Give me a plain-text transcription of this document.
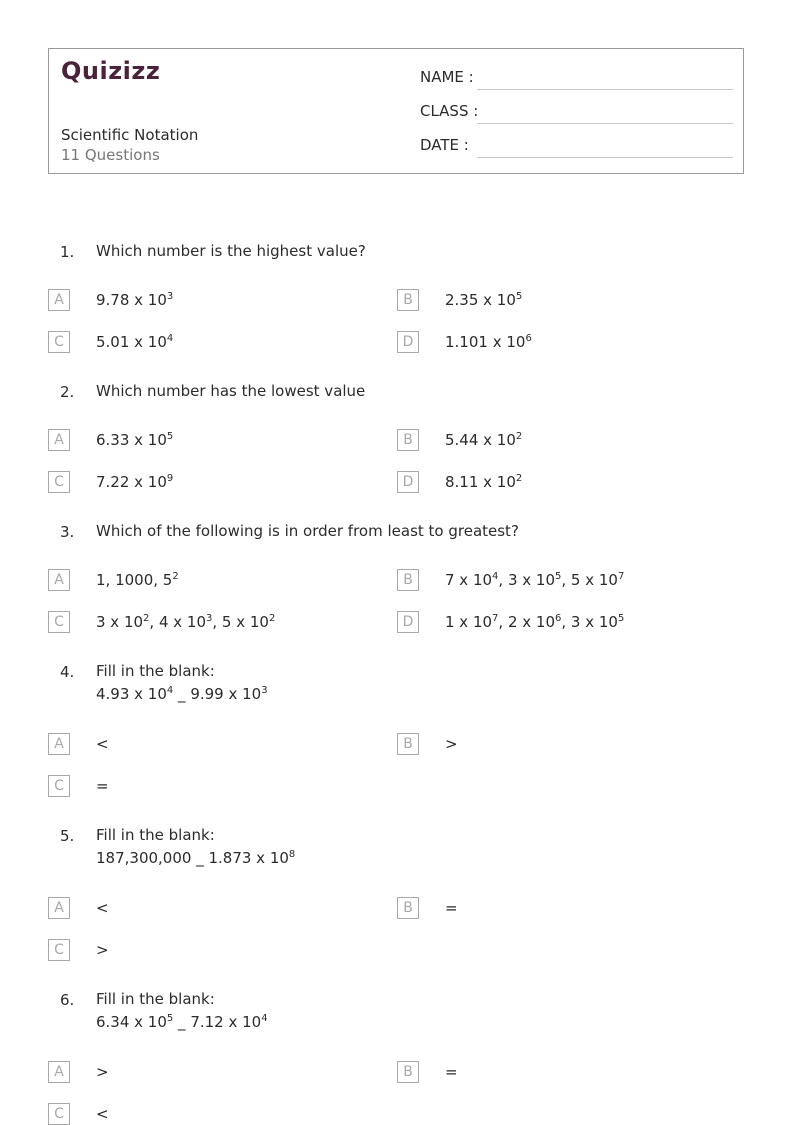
Quizizz
Scientific Notation
11 Questions
NAME :
CLASS :
DATE :
1. Which number is the highest value?
A	9.78 x $10^3$	B	2.35 x $10^5$
C	5.01 x $10^4$	D	1.101 x $10^6$
2. Which number has the lowest value
A	6.33 x $10^5$	B	5.44 x $10^2$
C	7.22 x $10^9$	D	8.11 x $10^2$
3. Which of the following is in order from least to greatest?
A	1, 1000, $5^2$	B	7 x $10^4$, 3 x $10^5$, 5 x $10^7$
C	3 x $10^2$, 4 x $10^3$, 5 x $10^2$	D	1 x $10^7$, 2 x $10^6$, 3 x $10^5$
4. Fill in the blank:
4.93 x $10^4$ _ 9.99 x $10^3$
A	<	B	>
C	=
5. Fill in the blank:
187,300,000 _ 1.873 x $10^8$
A	<	B	=
C	>
6. Fill in the blank:
6.34 x $10^5$ _ 7.12 x $10^4$
A	>	B	=
C	<
